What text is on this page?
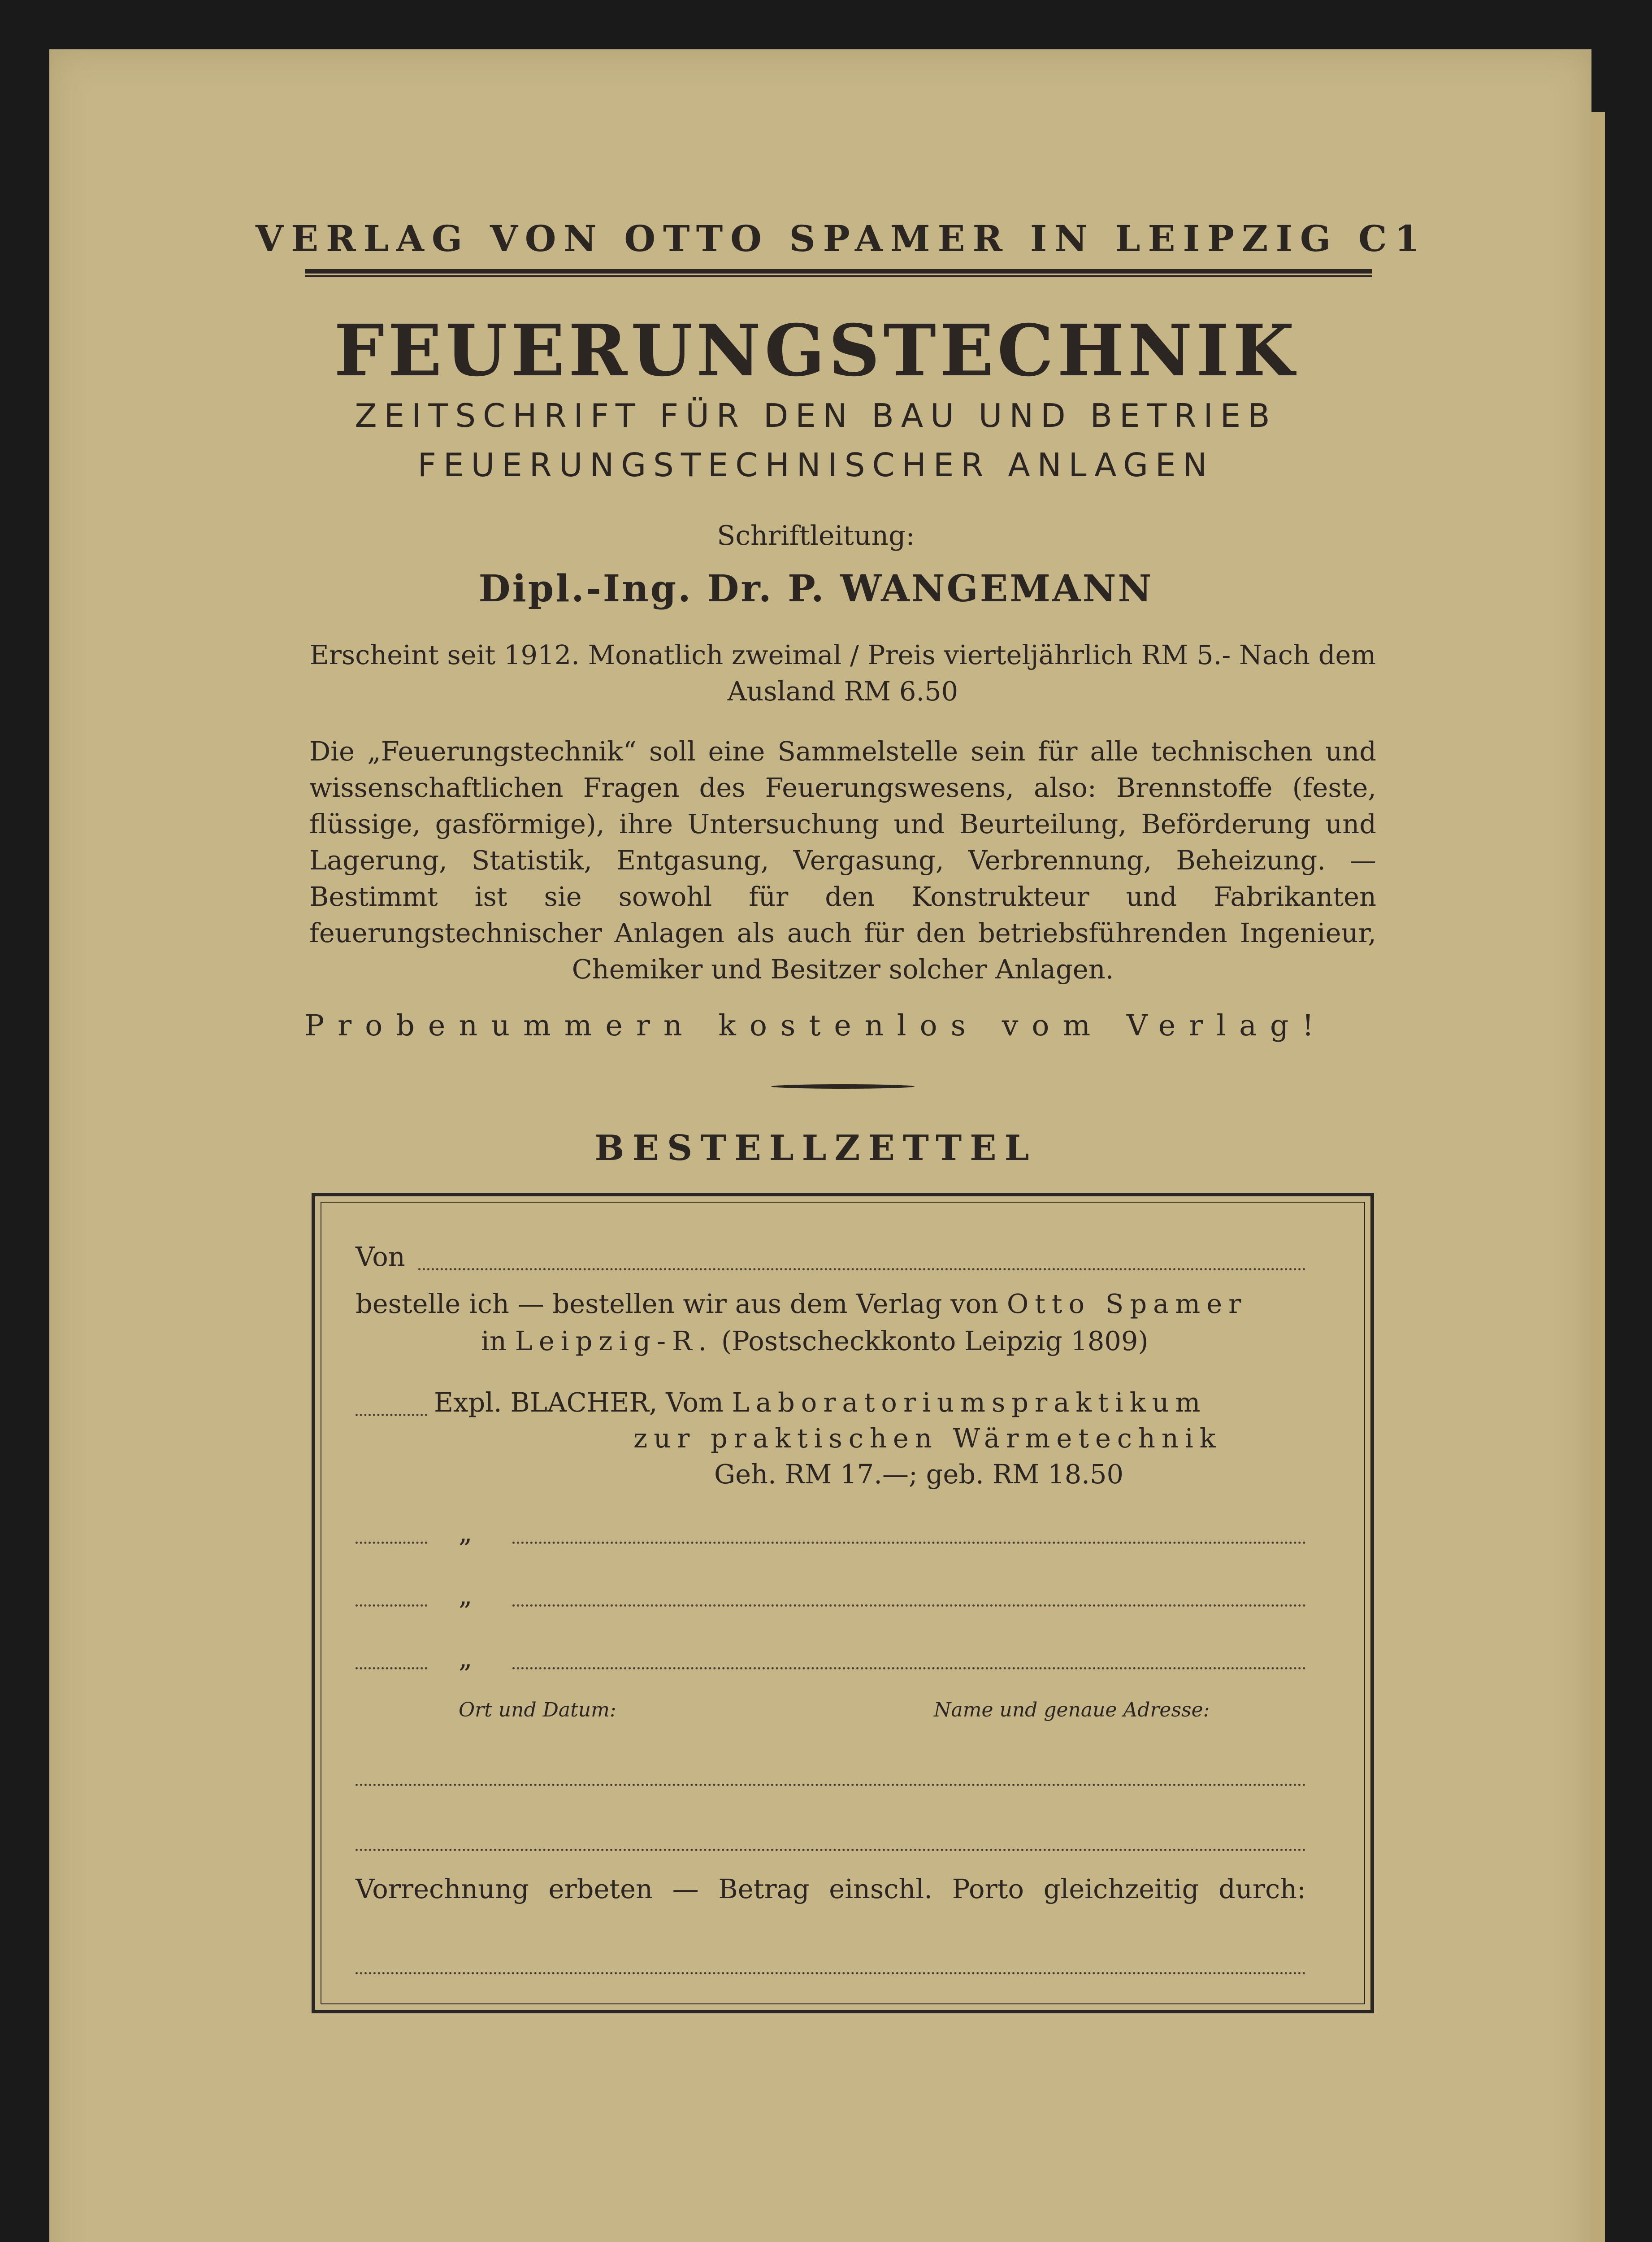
VERLAG VON OTTO SPAMER IN LEIPZIG C1
FEUERUNGSTECHNIK
ZEITSCHRIFT FÜR DEN BAU UND BETRIEB
FEUERUNGSTECHNISCHER ANLAGEN
Schriftleitung:
Dipl.-Ing. Dr. P. WANGEMANN
Erscheint seit 1912. Monatlich zweimal / Preis vierteljährlich RM 5.- Nach dem Ausland RM 6.50
Die „Feuerungstechnik“ soll eine Sammelstelle sein für alle technischen und wissenschaftlichen Fragen des Feuerungswesens, also: Brennstoffe (feste, flüssige, gasförmige), ihre Untersuchung und Beurteilung, Beförderung und Lagerung, Statistik, Entgasung, Vergasung, Verbrennung, Beheizung. — Bestimmt ist sie sowohl für den Konstrukteur und Fabrikanten feuerungstechnischer Anlagen als auch für den betriebsführenden Ingenieur, Chemiker und Besitzer solcher Anlagen.
Probenummern kostenlos vom Verlag!
BESTELLZETTEL
Von
bestelle ich — bestellen wir aus dem Verlag von Otto Spamer
in Leipzig-R. (Postscheckkonto Leipzig 1809)
Expl. BLACHER, Vom Laboratoriumspraktikum
zur praktischen Wärmetechnik
Geh. RM 17.—; geb. RM 18.50
„
„
„
Ort und Datum:	Name und genaue Adresse:
Vorrechnung erbeten — Betrag einschl. Porto gleichzeitig durch:
